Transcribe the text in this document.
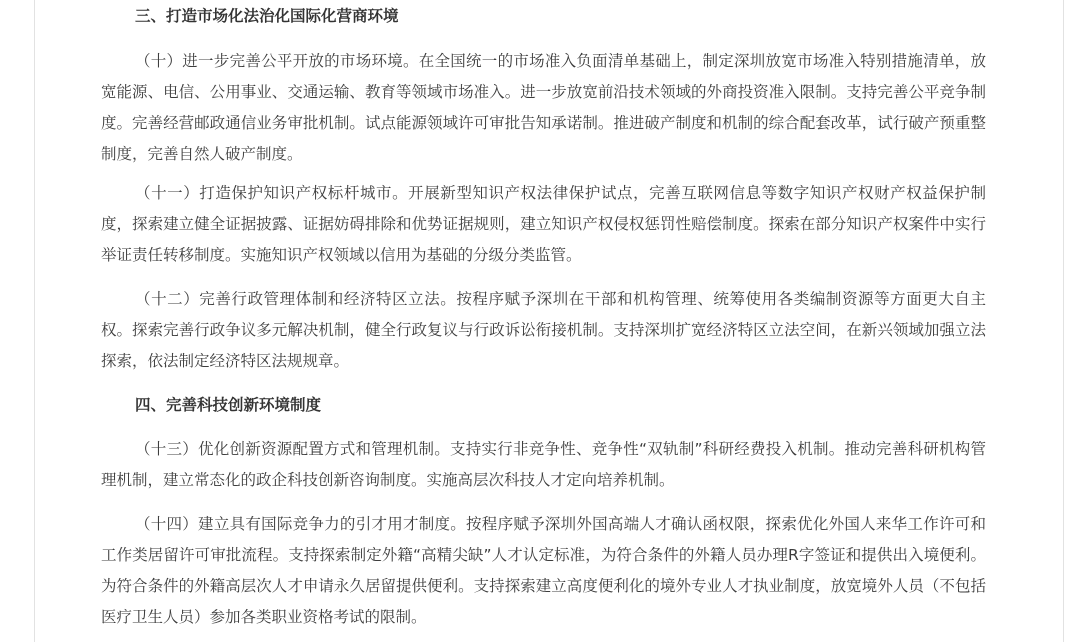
三、打造市场化法治化国际化营商环境

（十）进一步完善公平开放的市场环境。在全国统一的市场准入负面清单基础上，制定深圳放宽市场准入特别措施清单，放宽能源、电信、公用事业、交通运输、教育等领域市场准入。进一步放宽前沿技术领域的外商投资准入限制。支持完善公平竞争制度。完善经营邮政通信业务审批机制。试点能源领域许可审批告知承诺制。推进破产制度和机制的综合配套改革，试行破产预重整制度，完善自然人破产制度。

（十一）打造保护知识产权标杆城市。开展新型知识产权法律保护试点，完善互联网信息等数字知识产权财产权益保护制度，探索建立健全证据披露、证据妨碍排除和优势证据规则，建立知识产权侵权惩罚性赔偿制度。探索在部分知识产权案件中实行举证责任转移制度。实施知识产权领域以信用为基础的分级分类监管。

（十二）完善行政管理体制和经济特区立法。按程序赋予深圳在干部和机构管理、统筹使用各类编制资源等方面更大自主权。探索完善行政争议多元解决机制，健全行政复议与行政诉讼衔接机制。支持深圳扩宽经济特区立法空间，在新兴领域加强立法探索，依法制定经济特区法规规章。

四、完善科技创新环境制度

（十三）优化创新资源配置方式和管理机制。支持实行非竞争性、竞争性“双轨制”科研经费投入机制。推动完善科研机构管理机制，建立常态化的政企科技创新咨询制度。实施高层次科技人才定向培养机制。

（十四）建立具有国际竞争力的引才用才制度。按程序赋予深圳外国高端人才确认函权限，探索优化外国人来华工作许可和工作类居留许可审批流程。支持探索制定外籍“高精尖缺”人才认定标准，为符合条件的外籍人员办理R字签证和提供出入境便利。为符合条件的外籍高层次人才申请永久居留提供便利。支持探索建立高度便利化的境外专业人才执业制度，放宽境外人员（不包括医疗卫生人员）参加各类职业资格考试的限制。
